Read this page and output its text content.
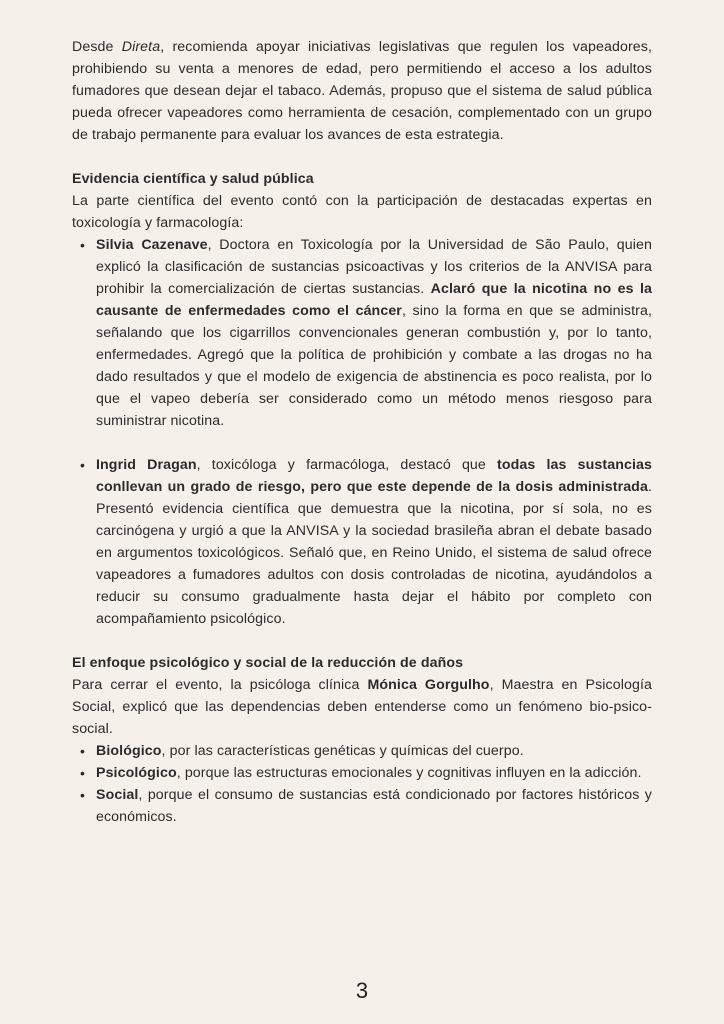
Desde Direta, recomienda apoyar iniciativas legislativas que regulen los vapeadores, prohibiendo su venta a menores de edad, pero permitiendo el acceso a los adultos fumadores que desean dejar el tabaco. Además, propuso que el sistema de salud pública pueda ofrecer vapeadores como herramienta de cesación, complementado con un grupo de trabajo permanente para evaluar los avances de esta estrategia.

Evidencia científica y salud pública

La parte científica del evento contó con la participación de destacadas expertas en toxicología y farmacología:

• Silvia Cazenave, Doctora en Toxicología por la Universidad de São Paulo, quien explicó la clasificación de sustancias psicoactivas y los criterios de la ANVISA para prohibir la comercialización de ciertas sustancias. Aclaró que la nicotina no es la causante de enfermedades como el cáncer, sino la forma en que se administra, señalando que los cigarrillos convencionales generan combustión y, por lo tanto, enfermedades. Agregó que la política de prohibición y combate a las drogas no ha dado resultados y que el modelo de exigencia de abstinencia es poco realista, por lo que el vapeo debería ser considerado como un método menos riesgoso para suministrar nicotina.
• Ingrid Dragan, toxicóloga y farmacóloga, destacó que todas las sustancias conllevan un grado de riesgo, pero que este depende de la dosis administrada. Presentó evidencia científica que demuestra que la nicotina, por sí sola, no es carcinógena y urgió a que la ANVISA y la sociedad brasileña abran el debate basado en argumentos toxicológicos. Señaló que, en Reino Unido, el sistema de salud ofrece vapeadores a fumadores adultos con dosis controladas de nicotina, ayudándolos a reducir su consumo gradualmente hasta dejar el hábito por completo con acompañamiento psicológico.

El enfoque psicológico y social de la reducción de daños

Para cerrar el evento, la psicóloga clínica Mónica Gorgulho, Maestra en Psicología Social, explicó que las dependencias deben entenderse como un fenómeno bio-psico-social.

• Biológico, por las características genéticas y químicas del cuerpo.
• Psicológico, porque las estructuras emocionales y cognitivas influyen en la adicción.
• Social, porque el consumo de sustancias está condicionado por factores históricos y económicos.
3
